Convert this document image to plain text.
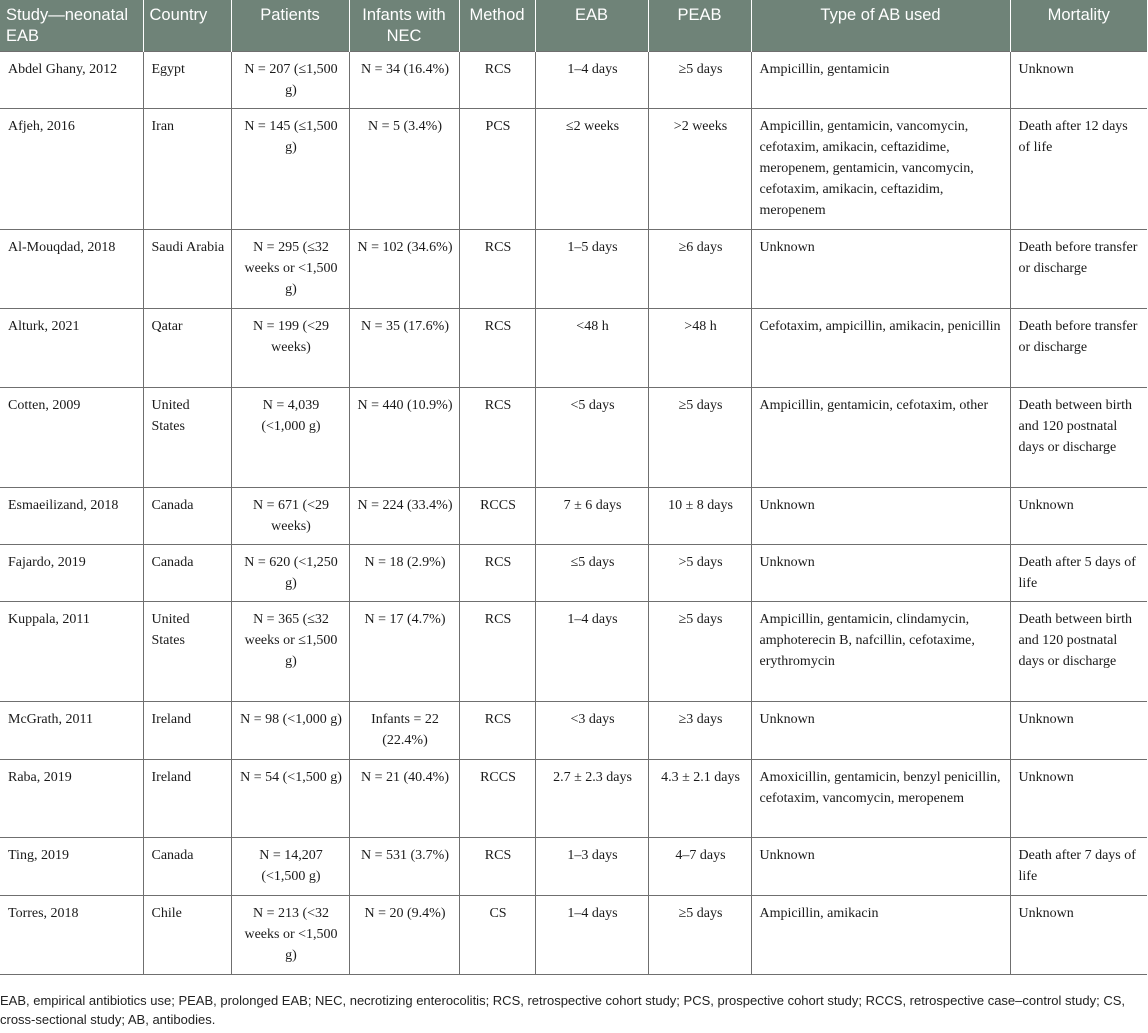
Study—neonatal EAB	Country	Patients	Infants with NEC	Method	EAB	PEAB	Type of AB used	Mortality
Abdel Ghany, 2012	Egypt	N = 207 (≤1,500 g)	N = 34 (16.4%)	RCS	1–4 days	≥5 days	Ampicillin, gentamicin	Unknown
Afjeh, 2016	Iran	N = 145 (≤1,500 g)	N = 5 (3.4%)	PCS	≤2 weeks	>2 weeks	Ampicillin, gentamicin, vancomycin, cefotaxim, amikacin, ceftazidime, meropenem, gentamicin, vancomycin, cefotaxim, amikacin, ceftazidim, meropenem	Death after 12 days of life
Al-Mouqdad, 2018	Saudi Arabia	N = 295 (≤32 weeks or <1,500 g)	N = 102 (34.6%)	RCS	1–5 days	≥6 days	Unknown	Death before transfer or discharge
Alturk, 2021	Qatar	N = 199 (<29 weeks)	N = 35 (17.6%)	RCS	<48 h	>48 h	Cefotaxim, ampicillin, amikacin, penicillin	Death before transfer or discharge
Cotten, 2009	United States	N = 4,039 (<1,000 g)	N = 440 (10.9%)	RCS	<5 days	≥5 days	Ampicillin, gentamicin, cefotaxim, other	Death between birth and 120 postnatal days or discharge
Esmaeilizand, 2018	Canada	N = 671 (<29 weeks)	N = 224 (33.4%)	RCCS	7 ± 6 days	10 ± 8 days	Unknown	Unknown
Fajardo, 2019	Canada	N = 620 (<1,250 g)	N = 18 (2.9%)	RCS	≤5 days	>5 days	Unknown	Death after 5 days of life
Kuppala, 2011	United States	N = 365 (≤32 weeks or ≤1,500 g)	N = 17 (4.7%)	RCS	1–4 days	≥5 days	Ampicillin, gentamicin, clindamycin, amphoterecin B, nafcillin, cefotaxime, erythromycin	Death between birth and 120 postnatal days or discharge
McGrath, 2011	Ireland	N = 98 (<1,000 g)	Infants = 22 (22.4%)	RCS	<3 days	≥3 days	Unknown	Unknown
Raba, 2019	Ireland	N = 54 (<1,500 g)	N = 21 (40.4%)	RCCS	2.7 ± 2.3 days	4.3 ± 2.1 days	Amoxicillin, gentamicin, benzyl penicillin, cefotaxim, vancomycin, meropenem	Unknown
Ting, 2019	Canada	N = 14,207 (<1,500 g)	N = 531 (3.7%)	RCS	1–3 days	4–7 days	Unknown	Death after 7 days of life
Torres, 2018	Chile	N = 213 (<32 weeks or <1,500 g)	N = 20 (9.4%)	CS	1–4 days	≥5 days	Ampicillin, amikacin	Unknown
EAB, empirical antibiotics use; PEAB, prolonged EAB; NEC, necrotizing enterocolitis; RCS, retrospective cohort study; PCS, prospective cohort study; RCCS, retrospective case–control study; CS, cross-sectional study; AB, antibodies.
